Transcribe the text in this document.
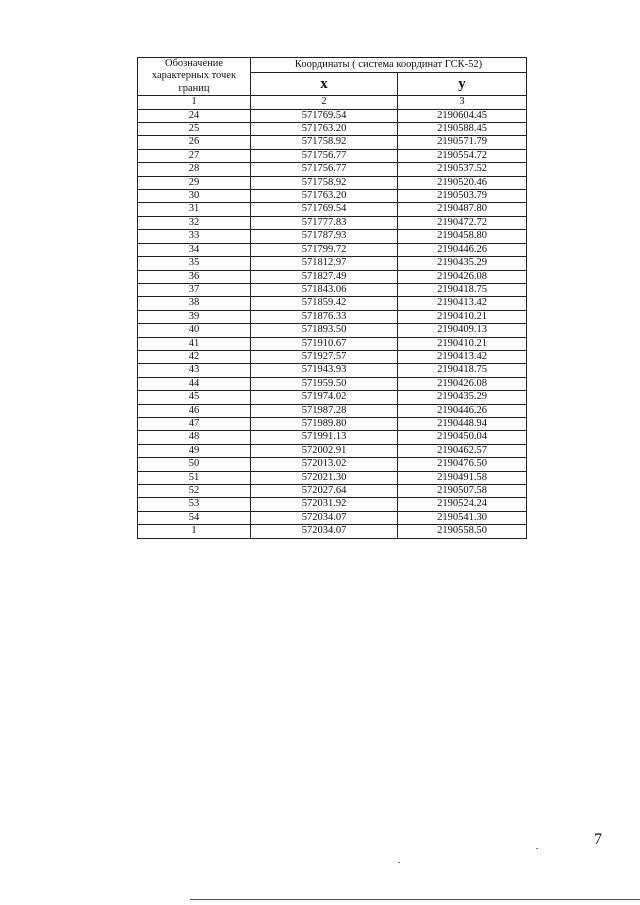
Обозначение характерных точек границ	Координаты ( система координат ГСК-52)	
	x	y
1	2	3
24	571769.54	2190604.45
25	571763.20	2190588.45
26	571758.92	2190571.79
27	571756.77	2190554.72
28	571756.77	2190537.52
29	571758.92	2190520.46
30	571763.20	2190503.79
31	571769.54	2190487.80
32	571777.83	2190472.72
33	571787.93	2190458.80
34	571799.72	2190446.26
35	571812.97	2190435.29
36	571827.49	2190426.08
37	571843.06	2190418.75
38	571859.42	2190413.42
39	571876.33	2190410.21
40	571893.50	2190409.13
41	571910.67	2190410.21
42	571927.57	2190413.42
43	571943.93	2190418.75
44	571959.50	2190426.08
45	571974.02	2190435.29
46	571987.28	2190446.26
47	571989.80	2190448.94
48	571991.13	2190450.04
49	572002.91	2190462.57
50	572013.02	2190476.50
51	572021.30	2190491.58
52	572027.64	2190507.58
53	572031.92	2190524.24
54	572034.07	2190541.30
1	572034.07	2190558.50
7
